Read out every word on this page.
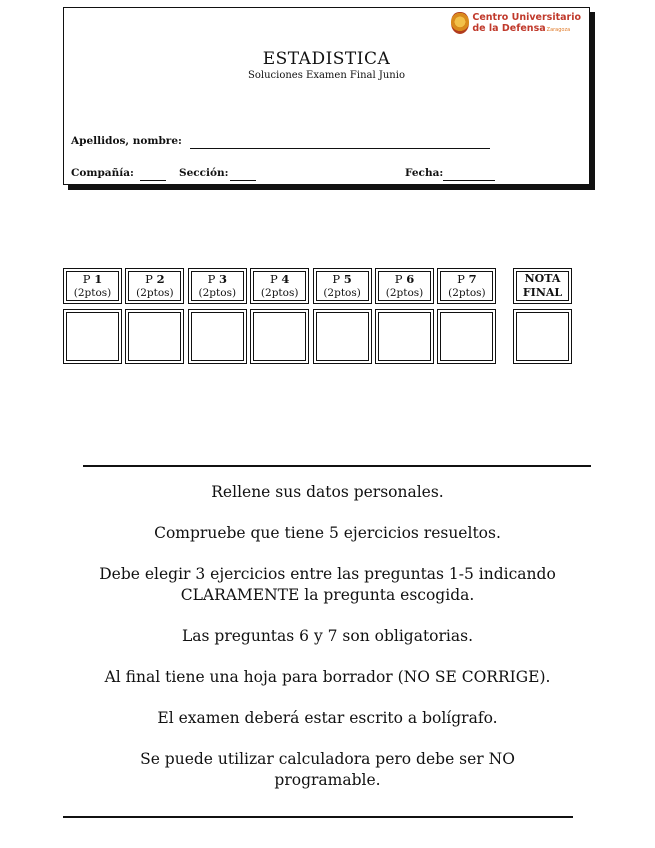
Centro Universitario
de la DefensaZaragoza
ESTADISTICA
Soluciones Examen Final Junio
Apellidos, nombre:
Compañía:	Sección:	Fecha:
P 1
(2ptos)
P 2
(2ptos)
P 3
(2ptos)
P 4
(2ptos)
P 5
(2ptos)
P 6
(2ptos)
P 7
(2ptos)
NOTA
FINAL

Rellene sus datos personales.

Compruebe que tiene 5 ejercicios resueltos.

Debe elegir 3 ejercicios entre las preguntas 1-5 indicando CLARAMENTE la pregunta escogida.

Las preguntas 6 y 7 son obligatorias.

Al final tiene una hoja para borrador (NO SE CORRIGE).

El examen deberá estar escrito a bolígrafo.

Se puede utilizar calculadora pero debe ser NO programable.
